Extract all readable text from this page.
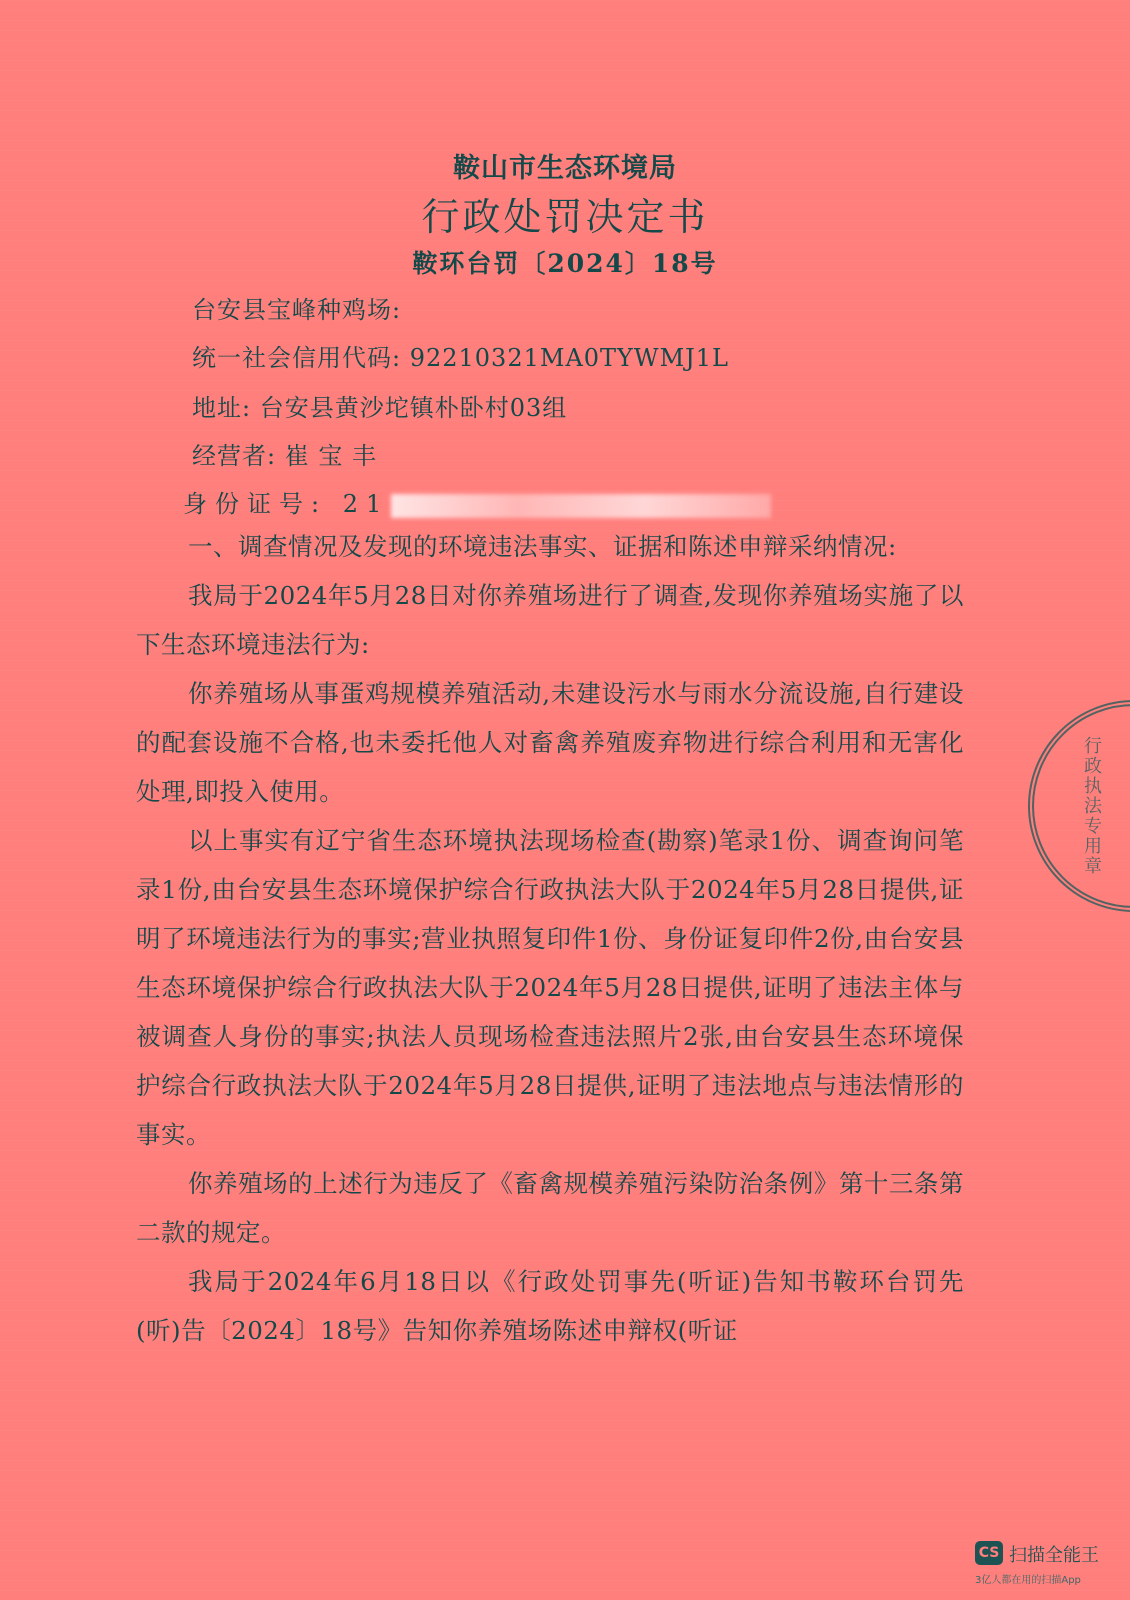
鞍山市生态环境局
行政处罚决定书
鞍环台罚〔2024〕18号
台安县宝峰种鸡场:
统一社会信用代码: 92210321MA0TYWMJ1L
地址: 台安县黄沙坨镇朴卧村03组
经营者: 崔 宝 丰
身份证号: 21

一、调查情况及发现的环境违法事实、证据和陈述申辩采纳情况:

我局于2024年5月28日对你养殖场进行了调查,发现你养殖场实施了以下生态环境违法行为:

你养殖场从事蛋鸡规模养殖活动,未建设污水与雨水分流设施,自行建设的配套设施不合格,也未委托他人对畜禽养殖废弃物进行综合利用和无害化处理,即投入使用。

以上事实有辽宁省生态环境执法现场检查(勘察)笔录1份、调查询问笔录1份,由台安县生态环境保护综合行政执法大队于2024年5月28日提供,证明了环境违法行为的事实;营业执照复印件1份、身份证复印件2份,由台安县生态环境保护综合行政执法大队于2024年5月28日提供,证明了违法主体与被调查人身份的事实;执法人员现场检查违法照片2张,由台安县生态环境保护综合行政执法大队于2024年5月28日提供,证明了违法地点与违法情形的事实。

你养殖场的上述行为违反了《畜禽规模养殖污染防治条例》第十三条第二款的规定。

我局于2024年6月18日以《行政处罚事先(听证)告知书鞍环台罚先(听)告〔2024〕18号》告知你养殖场陈述申辩权(听证

行政执法专用章
CS 扫描全能王
3亿人都在用的扫描App
